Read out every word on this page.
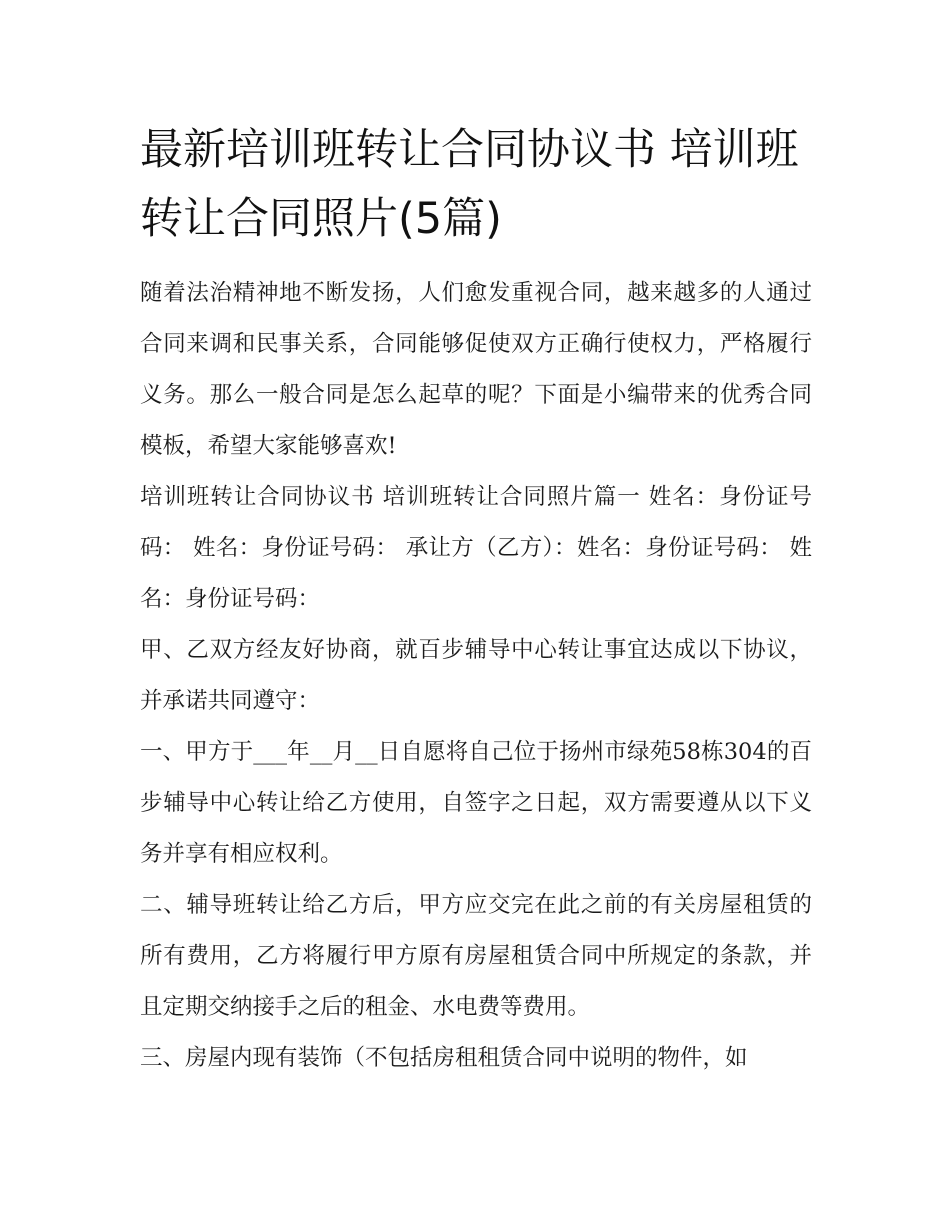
最新培训班转让合同协议书 培训班转让合同照片(5篇)

随着法治精神地不断发扬，人们愈发重视合同，越来越多的人通过合同来调和民事关系，合同能够促使双方正确行使权力，严格履行义务。那么一般合同是怎么起草的呢？下面是小编带来的优秀合同模板，希望大家能够喜欢!

培训班转让合同协议书 培训班转让合同照片篇一 姓名：身份证号码： 姓名：身份证号码： 承让方（乙方）：姓名：身份证号码： 姓名：身份证号码：

甲、乙双方经友好协商，就百步辅导中心转让事宜达成以下协议，并承诺共同遵守：

一、甲方于___年__月__日自愿将自己位于扬州市绿苑58栋304的百步辅导中心转让给乙方使用，自签字之日起，双方需要遵从以下义务并享有相应权利。

二、辅导班转让给乙方后，甲方应交完在此之前的有关房屋租赁的所有费用，乙方将履行甲方原有房屋租赁合同中所规定的条款，并且定期交纳接手之后的租金、水电费等费用。

三、房屋内现有装饰（不包括房租租赁合同中说明的物件，如
